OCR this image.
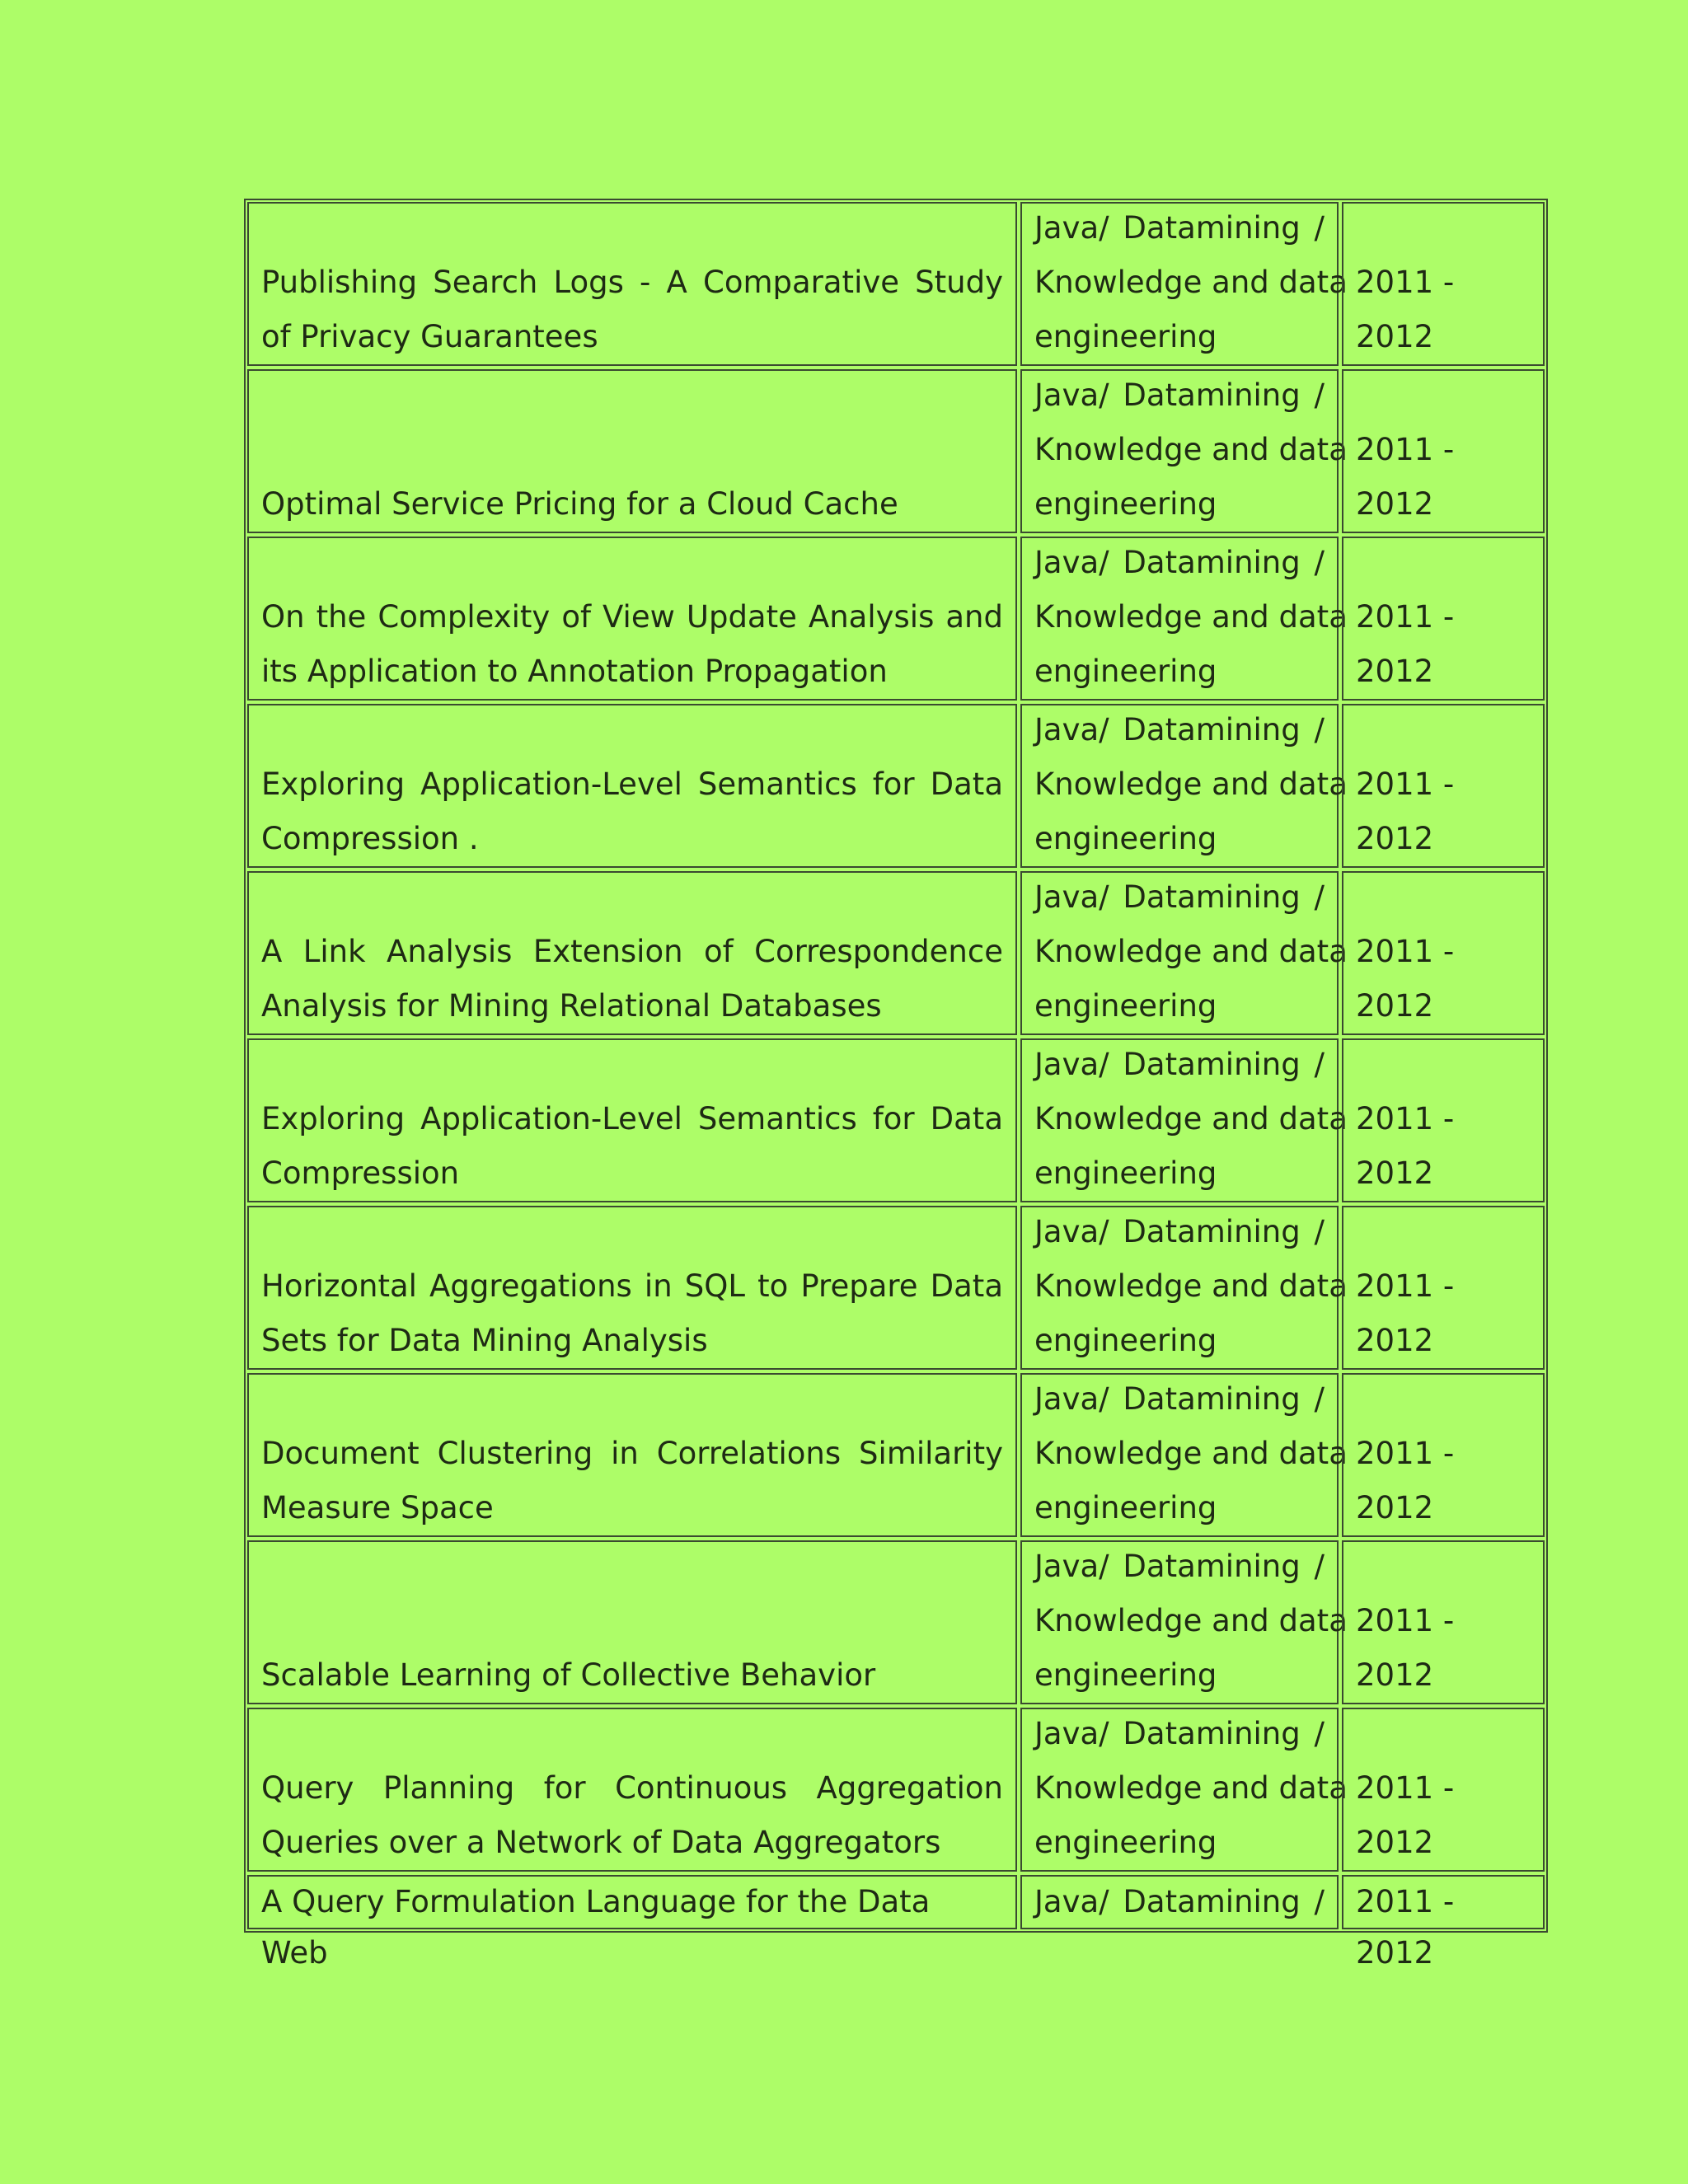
Publishing Search Logs - A Comparative Study of Privacy Guarantees
Java/ Datamining /
Knowledge and data
engineering
2011 - 2012
Optimal Service Pricing for a Cloud Cache
Java/ Datamining /
Knowledge and data
engineering
2011 - 2012
On the Complexity of View Update Analysis and its Application to Annotation Propagation
Java/ Datamining /
Knowledge and data
engineering
2011 - 2012
Exploring Application-Level Semantics for Data Compression .
Java/ Datamining /
Knowledge and data
engineering
2011 - 2012
A Link Analysis Extension of Correspondence Analysis for Mining Relational Databases
Java/ Datamining /
Knowledge and data
engineering
2011 - 2012
Exploring Application-Level Semantics for Data Compression
Java/ Datamining /
Knowledge and data
engineering
2011 - 2012
Horizontal Aggregations in SQL to Prepare Data Sets for Data Mining Analysis
Java/ Datamining /
Knowledge and data
engineering
2011 - 2012
Document Clustering in Correlations Similarity Measure Space
Java/ Datamining /
Knowledge and data
engineering
2011 - 2012
Scalable Learning of Collective Behavior
Java/ Datamining /
Knowledge and data
engineering
2011 - 2012
Query Planning for Continuous Aggregation Queries over a Network of Data Aggregators
Java/ Datamining /
Knowledge and data
engineering
2011 - 2012
A Query Formulation Language for the Data Web
Java/ Datamining / 2011 - 2012
